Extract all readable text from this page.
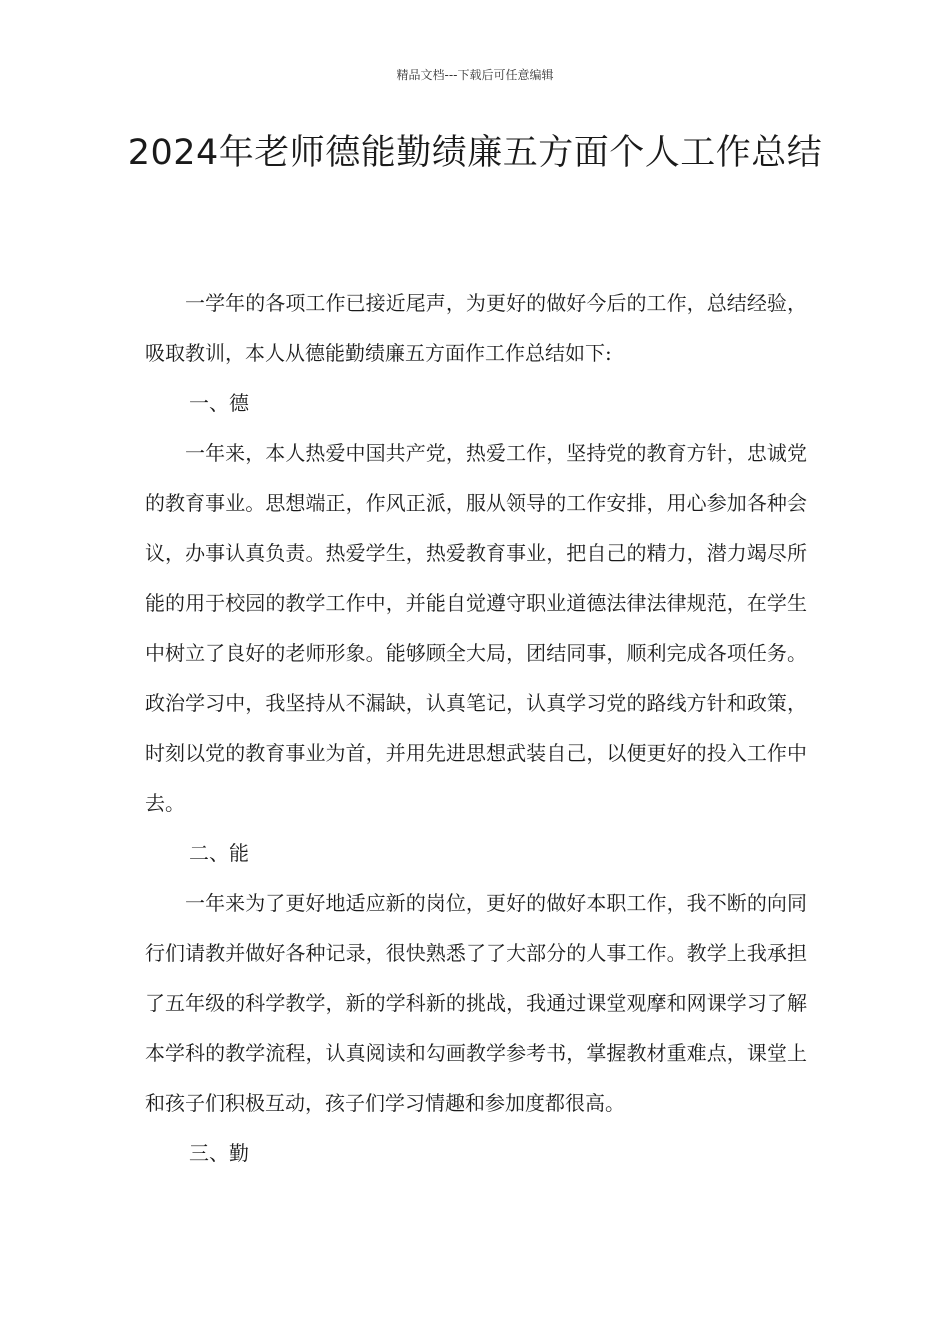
精品文档---下载后可任意编辑
2024年老师德能勤绩廉五方面个人工作总结

一学年的各项工作已接近尾声，为更好的做好今后的工作，总结经验，吸取教训，本人从德能勤绩廉五方面作工作总结如下:

一、德

一年来，本人热爱中国共产党，热爱工作，坚持党的教育方针，忠诚党的教育事业。思想端正，作风正派，服从领导的工作安排，用心参加各种会议，办事认真负责。热爱学生，热爱教育事业，把自己的精力，潜力竭尽所能的用于校园的教学工作中，并能自觉遵守职业道德法律法律规范，在学生中树立了良好的老师形象。能够顾全大局，团结同事，顺利完成各项任务。政治学习中，我坚持从不漏缺，认真笔记，认真学习党的路线方针和政策，时刻以党的教育事业为首，并用先进思想武装自己，以便更好的投入工作中去。

二、能

一年来为了更好地适应新的岗位，更好的做好本职工作，我不断的向同行们请教并做好各种记录，很快熟悉了了大部分的人事工作。教学上我承担了五年级的科学教学，新的学科新的挑战，我通过课堂观摩和网课学习了解本学科的教学流程，认真阅读和勾画教学参考书，掌握教材重难点，课堂上和孩子们积极互动，孩子们学习情趣和参加度都很高。

三、勤
